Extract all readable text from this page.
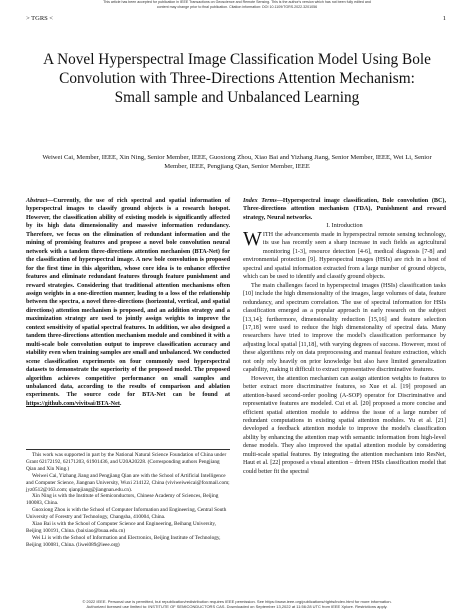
This article has been accepted for publication in IEEE Transactions on Geoscience and Remote Sensing. This is the author's version which has not been fully edited and
content may change prior to final publication. Citation information: DOI 10.1109/TGRS.2022.3201056
> TGRS <	1
A Novel Hyperspectral Image Classification Model Using Bole Convolution with Three-Directions Attention Mechanism: Small sample and Unbalanced Learning
Weiwei Cai, Member, IEEE, Xin Ning, Senior Member, IEEE, Guoxiong Zhou, Xiao Bai and Yizhang Jiang, Senior Member, IEEE, Wei Li, Senior Member, IEEE, Pengjiang Qian, Senior Member, IEEE
Abstract—Currently, the use of rich spectral and spatial information of hyperspectral images to classify ground objects is a research hotspot. However, the classification ability of existing models is significantly affected by its high data dimensionality and massive information redundancy. Therefore, we focus on the elimination of redundant information and the mining of promising features and propose a novel bole convolution neural network with a tandem three-directions attention mechanism (BTA-Net) for the classification of hyperspectral image. A new bole convolution is proposed for the first time in this algorithm, whose core idea is to enhance effective features and eliminate redundant features through feature punishment and reward strategies. Considering that traditional attention mechanisms often assign weights in a one-direction manner, leading to a loss of the relationship between the spectra, a novel three-directions (horizontal, vertical, and spatial directions) attention mechanism is proposed, and an addition strategy and a maximization strategy are used to jointly assign weights to improve the context sensitivity of spatial spectral features. In addition, we also designed a tandem three-directions attention mechanism module and combined it with a multi-scale bole convolution output to improve classification accuracy and stability even when training samples are small and unbalanced. We conducted scene classification experiments on four commonly used hyperspectral datasets to demonstrate the superiority of the proposed model. The proposed algorithm achieves competitive performance on small samples and unbalanced data, according to the results of comparison and ablation experiments. The source code for BTA-Net can be found at https://github.com/vivitsai/BTA-Net.

This work was supported in part by the National Natural Science Foundation of China under Grant 62172192, 62171203, 61901436, and U20A20228. (Corresponding authors Pengjiang Qian and Xin Ning.)

Weiwei Cai, Yizhang Jiang and Pengjiang Qian are with the School of Artificial Intelligence and Computer Science, Jiangnan University, Wuxi 214122, China (viviweiweicai@foxmail.com; jyz0512@163.com; qianpjiang@jiangnan.edu.cn).

Xin Ning is with the Institute of Semiconductors, Chinese Academy of Sciences, Beijing 100083, China.

Guoxiong Zhou is with the School of Computer Information and Engineering, Central South University of Forestry and Technology, Changsha, 410004, China.

Xiao Bai is with the School of Computer Science and Engineering, Beihang University, Beijing 100191, China. (baixiao@buaa.edu.cn)

Wei Li is with the School of Information and Electronics, Beijing Institute of Technology, Beijing 100081, China. (liwei089@ieee.org)

Index Terms—Hyperspectral image classification, Bole convolution (BC), Three-directions attention mechanism (TDA), Punishment and reward strategy, Neural networks.
I. Introduction

WITH the advancements made in hyperspectral remote sensing technology, its use has recently seen a sharp increase in such fields as agricultural monitoring [1-3], resource detection [4-6], medical diagnosis [7-8] and environmental protection [9]. Hyperspectral images (HSIs) are rich in a host of spectral and spatial information extracted from a large number of ground objects, which can be used to identify and classify ground objects.

The main challenges faced in hyperspectral images (HSIs) classification tasks [10] include the high dimensionality of the images, large volumes of data, feature redundancy, and spectrum correlation. The use of spectral information for HSIs classification emerged as a popular approach in early research on the subject [13,14]; furthermore, dimensionality reduction [15,16] and feature selection [17,18] were used to reduce the high dimensionality of spectral data. Many researchers have tried to improve the model's classification performance by adjusting local spatial [11,18], with varying degrees of success. However, most of these algorithms rely on data preprocessing and manual feature extraction, which not only rely heavily on prior knowledge but also have limited generalization capability, making it difficult to extract representative discriminative features.

However, the attention mechanism can assign attention weights to features to better extract more discriminative features, so Xue et al. [19] proposed an attention-based second-order pooling (A-SOP) operator for Discriminative and representative features are modeled. Cui et al. [20] proposed a more concise and efficient spatial attention module to address the issue of a large number of redundant computations in existing spatial attention modules. Yu et al. [21] developed a feedback attention module to improve the model's classification ability by enhancing the attention map with semantic information from high-level dense models. They also improved the spatial attention module by considering multi-scale spatial features. By integrating the attention mechanism into ResNet, Haut et al. [22] proposed a visual attention – driven HSIs classification model that could better fit the spectral

© 2022 IEEE. Personal use is permitted, but republication/redistribution requires IEEE permission. See https://www.ieee.org/publications/rights/index.html for more information.
Authorized licensed use limited to: INSTITUTE OF SEMICONDUCTORS CAS. Downloaded on September 13,2022 at 11:56:28 UTC from IEEE Xplore. Restrictions apply.
